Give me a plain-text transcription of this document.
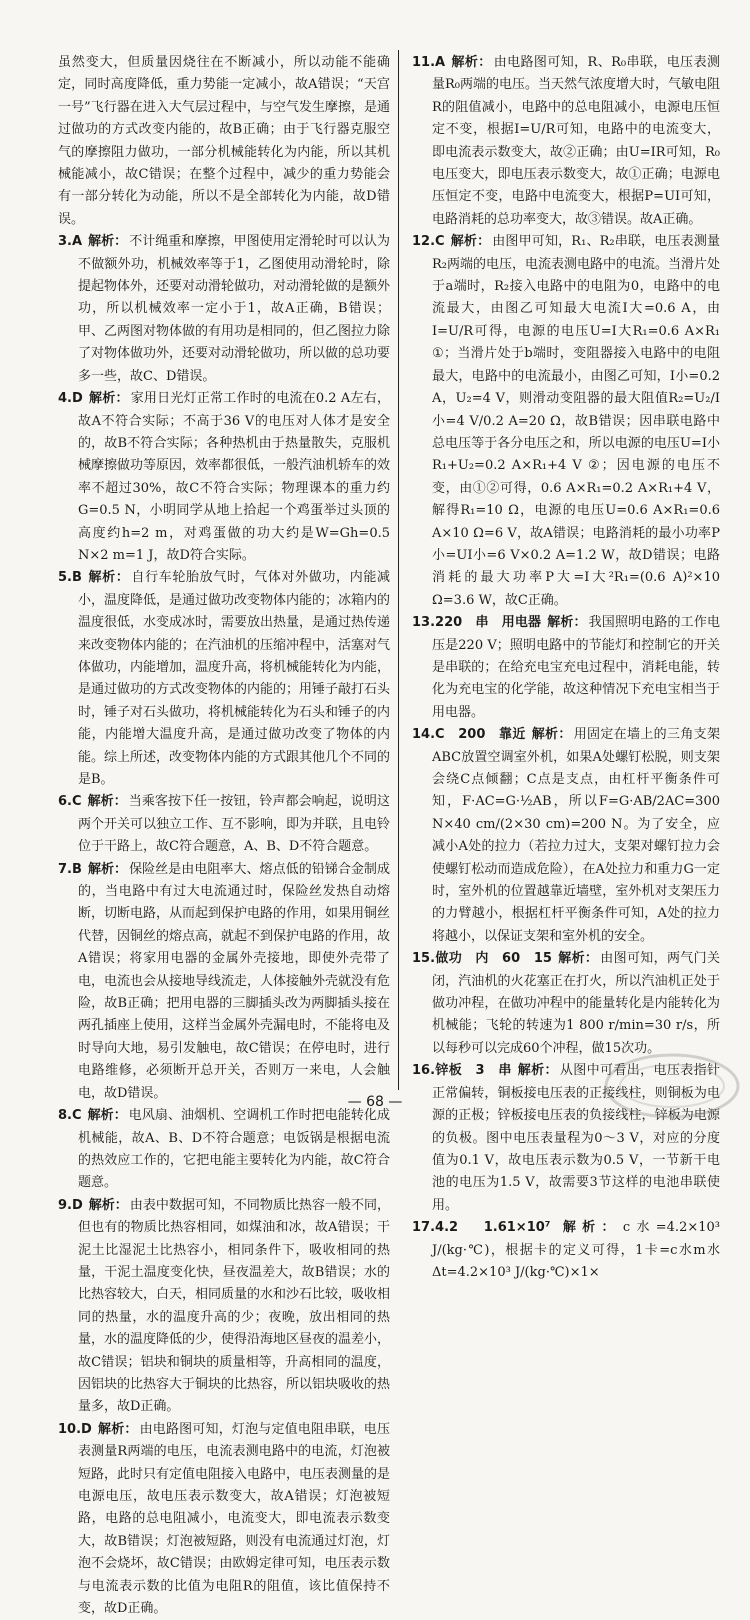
虽然变大，但质量因烧往在不断减小，所以动能不能确定，同时高度降低，重力势能一定减小，故A错误；“天宫一号”飞行器在进入大气层过程中，与空气发生摩擦，是通过做功的方式改变内能的，故B正确；由于飞行器克服空气的摩擦阻力做功，一部分机械能转化为内能，所以其机械能减小，故C错误；在整个过程中，减少的重力势能会有一部分转化为动能，所以不是全部转化为内能，故D错误。

3.A 解析： 不计绳重和摩擦，甲图使用定滑轮时可以认为不做额外功，机械效率等于1，乙图使用动滑轮时，除提起物体外，还要对动滑轮做功，对动滑轮做的是额外功，所以机械效率一定小于1，故A正确，B错误；甲、乙两图对物体做的有用功是相同的，但乙图拉力除了对物体做功外，还要对动滑轮做功，所以做的总功要多一些，故C、D错误。
4.D 解析： 家用日光灯正常工作时的电流在0.2 A左右，故A不符合实际；不高于36 V的电压对人体才是安全的，故B不符合实际；各种热机由于热量散失，克服机械摩擦做功等原因，效率都很低，一般汽油机轿车的效率不超过30%，故C不符合实际；物理课本的重力约G=0.5 N，小明同学从地上拾起一个鸡蛋举过头顶的高度约h=2 m，对鸡蛋做的功大约是W=Gh=0.5 N×2 m=1 J，故D符合实际。
5.B 解析： 自行车轮胎放气时，气体对外做功，内能减小，温度降低，是通过做功改变物体内能的；冰箱内的温度很低，水变成冰时，需要放出热量，是通过热传递来改变物体内能的；在汽油机的压缩冲程中，活塞对气体做功，内能增加，温度升高，将机械能转化为内能，是通过做功的方式改变物体的内能的；用锤子敲打石头时，锤子对石头做功，将机械能转化为石头和锤子的内能，内能增大温度升高，是通过做功改变了物体的内能。综上所述，改变物体内能的方式跟其他几个不同的是B。
6.C 解析： 当乘客按下任一按钮，铃声都会响起，说明这两个开关可以独立工作、互不影响，即为并联，且电铃位于干路上，故C符合题意，A、B、D不符合题意。
7.B 解析： 保险丝是由电阻率大、熔点低的铅锑合金制成的，当电路中有过大电流通过时，保险丝发热自动熔断，切断电路，从而起到保护电路的作用，如果用铜丝代替，因铜丝的熔点高，就起不到保护电路的作用，故A错误；将家用电器的金属外壳接地，即使外壳带了电，电流也会从接地导线流走，人体接触外壳就没有危险，故B正确；把用电器的三脚插头改为两脚插头接在两孔插座上使用，这样当金属外壳漏电时，不能将电及时导向大地，易引发触电，故C错误；在停电时，进行电路维修，必须断开总开关，否则万一来电，人会触电，故D错误。
8.C 解析： 电风扇、油烟机、空调机工作时把电能转化成机械能，故A、B、D不符合题意；电饭锅是根据电流的热效应工作的，它把电能主要转化为内能，故C符合题意。
9.D 解析： 由表中数据可知，不同物质比热容一般不同，但也有的物质比热容相同，如煤油和冰，故A错误；干泥土比湿泥土比热容小，相同条件下，吸收相同的热量，干泥土温度变化快，昼夜温差大，故B错误；水的比热容较大，白天，相同质量的水和沙石比较，吸收相同的热量，水的温度升高的少；夜晚，放出相同的热量，水的温度降低的少，使得沿海地区昼夜的温差小，故C错误；铝块和铜块的质量相等，升高相同的温度，因铝块的比热容大于铜块的比热容，所以铝块吸收的热量多，故D正确。
10.D 解析： 由电路图可知，灯泡与定值电阻串联，电压表测量R两端的电压，电流表测电路中的电流，灯泡被短路，此时只有定值电阻接入电路中，电压表测量的是电源电压，故电压表示数变大，故A错误；灯泡被短路，电路的总电阻减小，电流变大，即电流表示数变大，故B错误；灯泡被短路，则没有电流通过灯泡，灯泡不会烧坏，故C错误；由欧姆定律可知，电压表示数与电流表示数的比值为电阻R的阻值，该比值保持不变，故D正确。
11.A 解析： 由电路图可知，R、R₀串联，电压表测量R₀两端的电压。当天然气浓度增大时，气敏电阻R的阻值减小，电路中的总电阻减小，电源电压恒定不变，根据I=U/R可知，电路中的电流变大，即电流表示数变大，故②正确；由U=IR可知，R₀电压变大，即电压表示数变大，故①正确；电源电压恒定不变，电路中电流变大，根据P=UI可知，电路消耗的总功率变大，故③错误。故A正确。
12.C 解析： 由图甲可知，R₁、R₂串联，电压表测量R₂两端的电压，电流表测电路中的电流。当滑片处于a端时，R₂接入电路中的电阻为0，电路中的电流最大，由图乙可知最大电流I大=0.6 A，由I=U/R可得，电源的电压U=I大R₁=0.6 A×R₁ ①；当滑片处于b端时，变阻器接入电路中的电阻最大，电路中的电流最小，由图乙可知，I小=0.2 A，U₂=4 V，则滑动变阻器的最大阻值R₂=U₂/I小=4 V/0.2 A=20 Ω，故B错误；因串联电路中总电压等于各分电压之和，所以电源的电压U=I小R₁+U₂=0.2 A×R₁+4 V ②；因电源的电压不变，由①②可得，0.6 A×R₁=0.2 A×R₁+4 V，解得R₁=10 Ω，电源的电压U=0.6 A×R₁=0.6 A×10 Ω=6 V，故A错误；电路消耗的最小功率P小=UI小=6 V×0.2 A=1.2 W，故D错误；电路消耗的最大功率P大=I大²R₁=(0.6 A)²×10 Ω=3.6 W，故C正确。
13.220　串　用电器 解析： 我国照明电路的工作电压是220 V；照明电路中的节能灯和控制它的开关是串联的；在给充电宝充电过程中，消耗电能，转化为充电宝的化学能，故这种情况下充电宝相当于用电器。
14.C　200　靠近 解析： 用固定在墙上的三角支架ABC放置空调室外机，如果A处螺钉松脱，则支架会绕C点倾翻；C点是支点，由杠杆平衡条件可知，F·AC=G·½AB，所以F=G·AB/2AC=300 N×40 cm/(2×30 cm)=200 N。为了安全，应减小A处的拉力（若拉力过大，支架对螺钉拉力会使螺钉松动而造成危险），在A处拉力和重力G一定时，室外机的位置越靠近墙壁，室外机对支架压力的力臂越小，根据杠杆平衡条件可知，A处的拉力将越小，以保证支架和室外机的安全。
15.做功　内　60　15 解析： 由图可知，两气门关闭，汽油机的火花塞正在打火，所以汽油机正处于做功冲程，在做功冲程中的能量转化是内能转化为机械能；飞轮的转速为1 800 r/min=30 r/s，所以每秒可以完成60个冲程，做15次功。
16.锌板　3　串 解析： 从图中可看出，电压表指针正常偏转，铜板接电压表的正接线柱，则铜板为电源的正极；锌板接电压表的负接线柱，锌板为电源的负极。图中电压表量程为0～3 V，对应的分度值为0.1 V，故电压表示数为0.5 V，一节新干电池的电压为1.5 V，故需要3节这样的电池串联使用。
17.4.2　1.61×10⁷ 解析： c水=4.2×10³ J/(kg·℃)，根据卡的定义可得，1卡=c水m水Δt=4.2×10³ J/(kg·℃)×1×
— 68 —
